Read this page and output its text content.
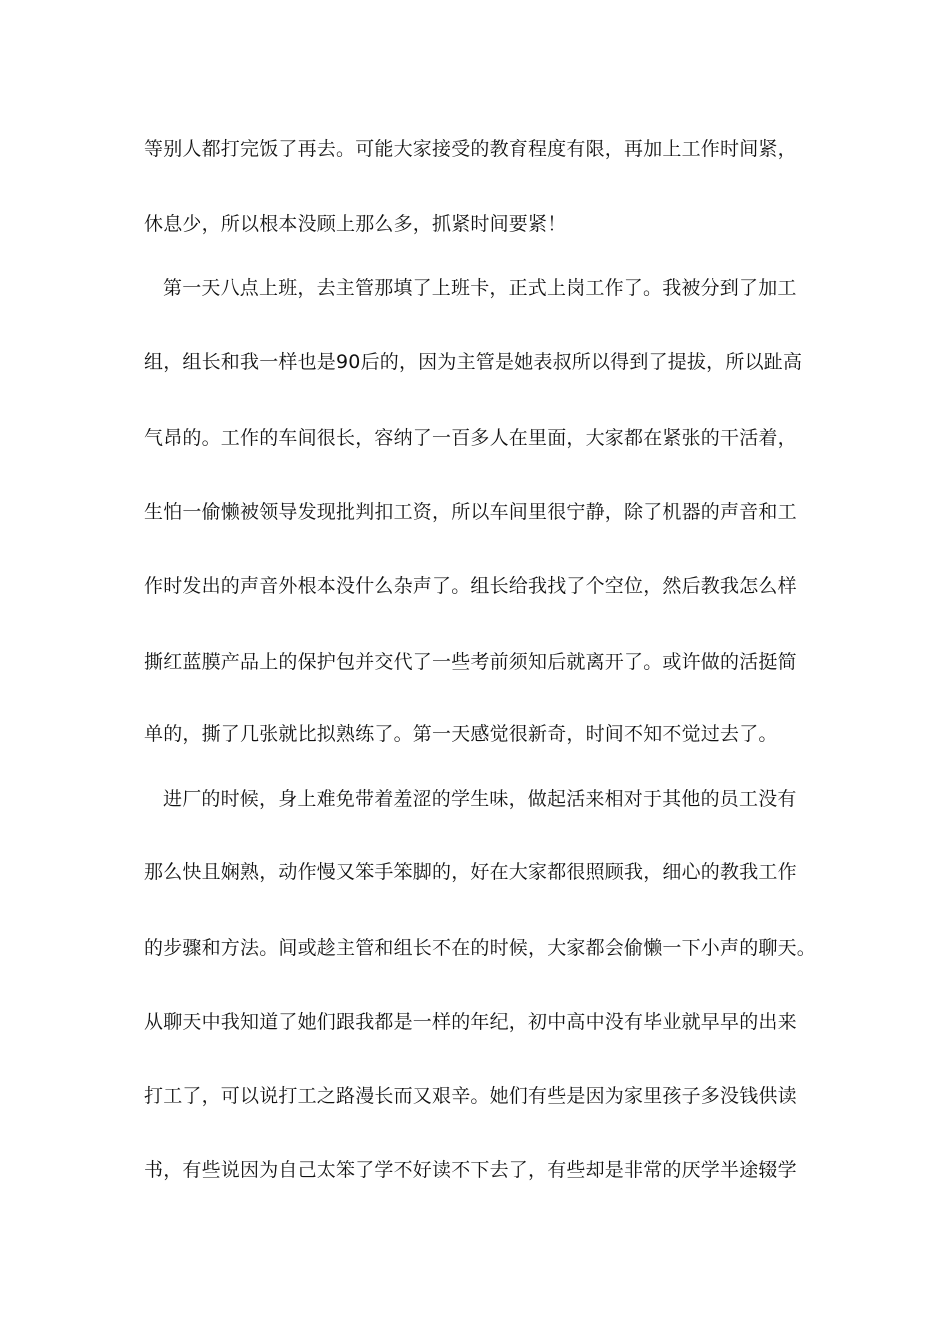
等别人都打完饭了再去。可能大家接受的教育程度有限，再加上工作时间紧，
休息少，所以根本没顾上那么多，抓紧时间要紧！
第一天八点上班，去主管那填了上班卡，正式上岗工作了。我被分到了加工
组，组长和我一样也是90后的，因为主管是她表叔所以得到了提拔，所以趾高
气昂的。工作的车间很长，容纳了一百多人在里面，大家都在紧张的干活着，
生怕一偷懒被领导发现批判扣工资，所以车间里很宁静，除了机器的声音和工
作时发出的声音外根本没什么杂声了。组长给我找了个空位，然后教我怎么样
撕红蓝膜产品上的保护包并交代了一些考前须知后就离开了。或许做的活挺简
单的，撕了几张就比拟熟练了。第一天感觉很新奇，时间不知不觉过去了。
进厂的时候，身上难免带着羞涩的学生味，做起活来相对于其他的员工没有
那么快且娴熟，动作慢又笨手笨脚的，好在大家都很照顾我，细心的教我工作
的步骤和方法。间或趁主管和组长不在的时候，大家都会偷懒一下小声的聊天。
从聊天中我知道了她们跟我都是一样的年纪，初中高中没有毕业就早早的出来
打工了，可以说打工之路漫长而又艰辛。她们有些是因为家里孩子多没钱供读
书，有些说因为自己太笨了学不好读不下去了，有些却是非常的厌学半途辍学
